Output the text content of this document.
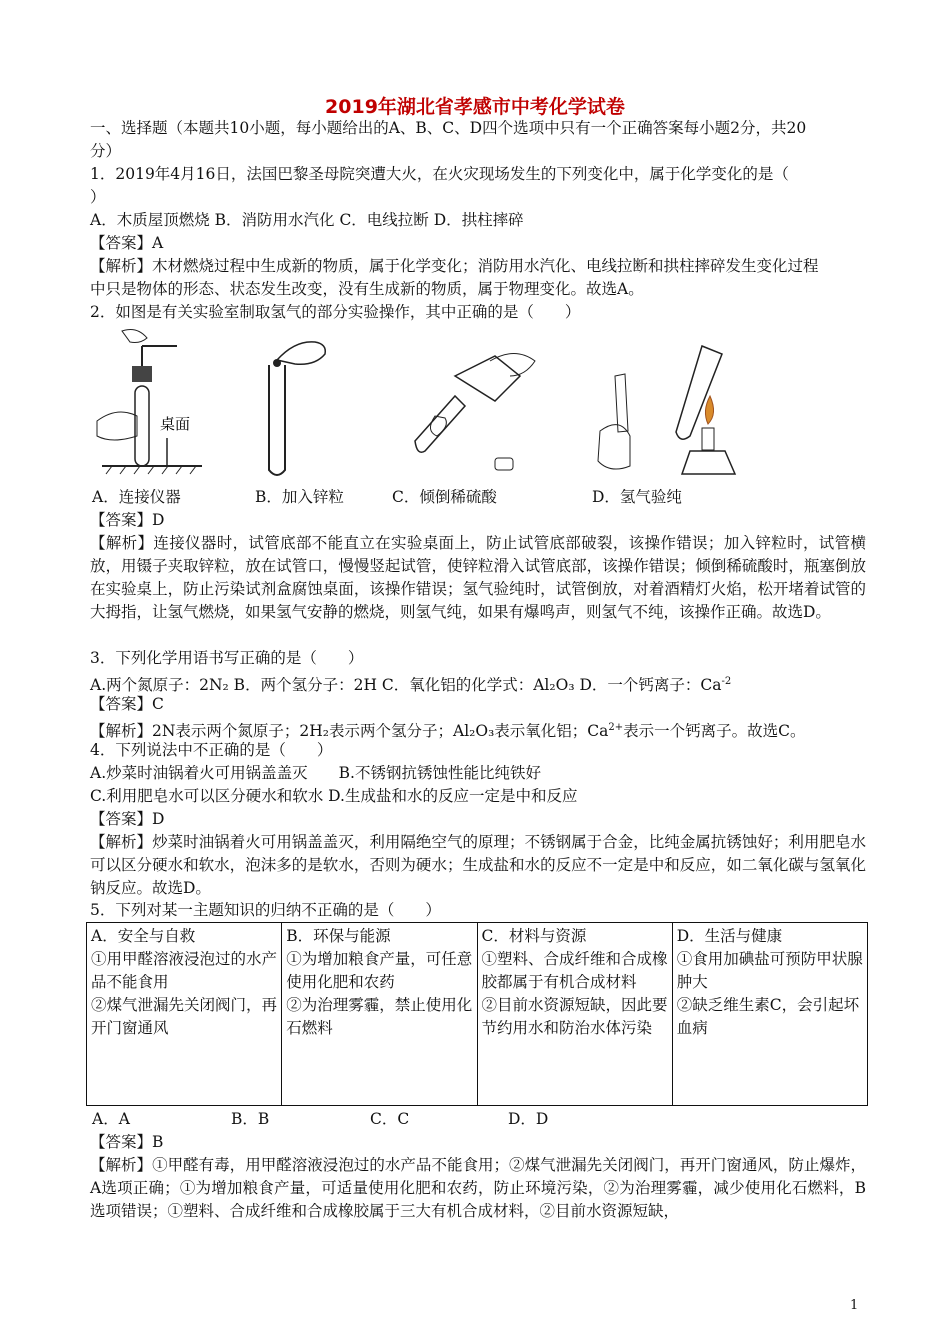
2019年湖北省孝感市中考化学试卷
一、选择题（本题共10小题，每小题给出的A、B、C、D四个选项中只有一个正确答案每小题2分，共20
分）
1．2019年4月16日，法国巴黎圣母院突遭大火，在火灾现场发生的下列变化中，属于化学变化的是（
）
A．木质屋顶燃烧 B．消防用水汽化 C．电线拉断 D．拱柱摔碎
【答案】A
【解析】木材燃烧过程中生成新的物质，属于化学变化；消防用水汽化、电线拉断和拱柱摔碎发生变化过程
中只是物体的形态、状态发生改变，没有生成新的物质，属于物理变化。故选A。
2．如图是有关实验室制取氢气的部分实验操作，其中正确的是（　　）
桌面
A．连接仪器	B．加入锌粒	C．倾倒稀硫酸	D．氢气验纯
【答案】D
【解析】连接仪器时，试管底部不能直立在实验桌面上，防止试管底部破裂，该操作错误；加入锌粒时，试管横放，用镊子夹取锌粒，放在试管口，慢慢竖起试管，使锌粒滑入试管底部，该操作错误；倾倒稀硫酸时，瓶塞倒放在实验桌上，防止污染试剂盒腐蚀桌面，该操作错误；氢气验纯时，试管倒放，对着酒精灯火焰，松开堵着试管的大拇指，让氢气燃烧，如果氢气安静的燃烧，则氢气纯，如果有爆鸣声，则氢气不纯，该操作正确。故选D。
3．下列化学用语书写正确的是（　　）
A.两个氮原子：2N₂ B．两个氢分子：2H C．氧化铝的化学式：Al₂O₃ D．一个钙离子：$Ca^{-2}$
【答案】C
【解析】2N表示两个氮原子；2H₂表示两个氢分子；Al₂O₃表示氧化铝；$Ca^{2+}$表示一个钙离子。故选C。
4．下列说法中不正确的是（　　）
A.炒菜时油锅着火可用锅盖盖灭　　B.不锈钢抗锈蚀性能比纯铁好
C.利用肥皂水可以区分硬水和软水 D.生成盐和水的反应一定是中和反应
【答案】D
【解析】炒菜时油锅着火可用锅盖盖灭，利用隔绝空气的原理；不锈钢属于合金，比纯金属抗锈蚀好；利用肥皂水可以区分硬水和软水，泡沫多的是软水，否则为硬水；生成盐和水的反应不一定是中和反应，如二氧化碳与氢氧化钠反应。故选D。
5．下列对某一主题知识的归纳不正确的是（　　）
A．安全与自救
①用甲醛溶液浸泡过的水产品不能食用
②煤气泄漏先关闭阀门，再开门窗通风	B．环保与能源
①为增加粮食产量，可任意使用化肥和农药
②为治理雾霾，禁止使用化石燃料	C．材料与资源
①塑料、合成纤维和合成橡胶都属于有机合成材料
②目前水资源短缺，因此要节约用水和防治水体污染	D．生活与健康
①食用加碘盐可预防甲状腺肿大
②缺乏维生素C，会引起坏血病
A．A	B．B	C．C	D．D
【答案】B
【解析】①甲醛有毒，用甲醛溶液浸泡过的水产品不能食用；②煤气泄漏先关闭阀门，再开门窗通风，防止爆炸，A选项正确；①为增加粮食产量，可适量使用化肥和农药，防止环境污染，②为治理雾霾，减少使用化石燃料，B选项错误；①塑料、合成纤维和合成橡胶属于三大有机合成材料，②目前水资源短缺，
1
